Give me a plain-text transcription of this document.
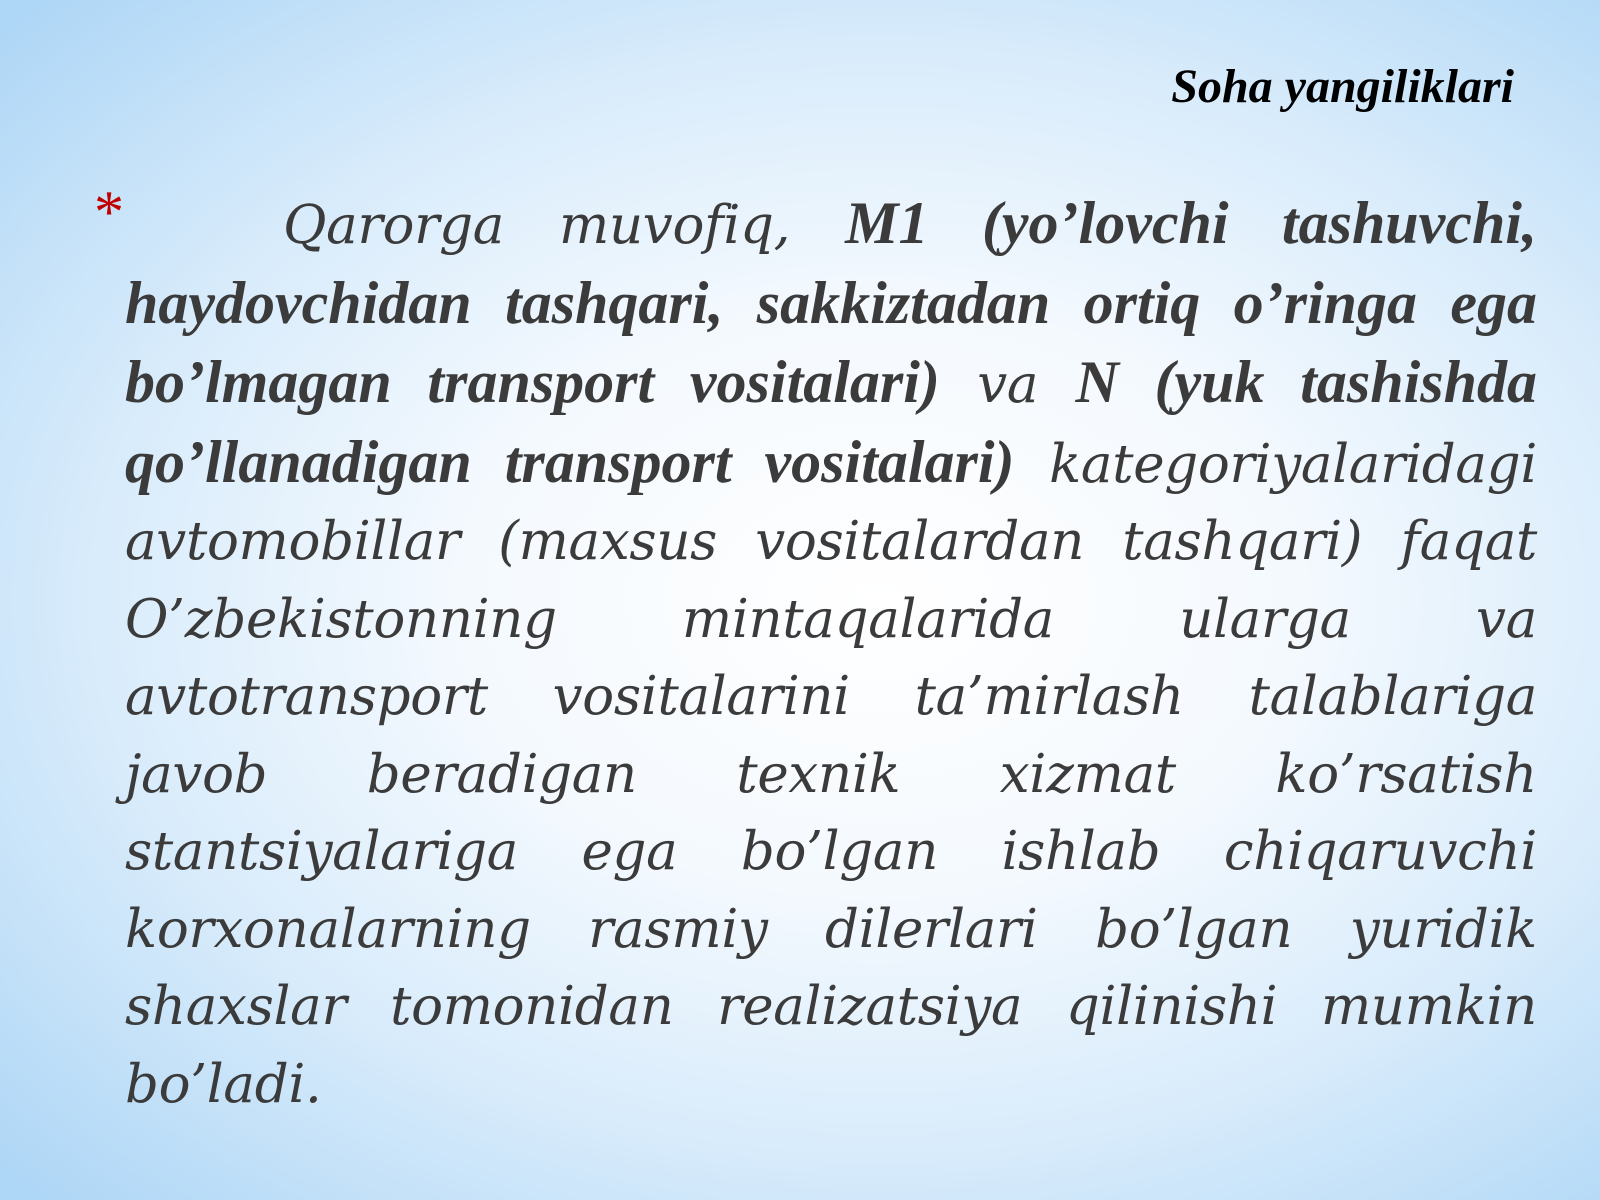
Soha yangiliklari
*	Qarorga muvofiq, M1 (yo’lovchi tashuvchi, haydovchidan tashqari, sakkiztadan ortiq o’ringa ega bo’lmagan transport vositalari) va N (yuk tashishda qo’llanadigan transport vositalari) kategoriyalaridagi avtomobillar (maxsus vositalardan tashqari) faqat O’zbekistonning mintaqalarida ularga va avtotransport vositalarini ta’mirlash talablariga javob beradigan texnik xizmat ko’rsatish stantsiyalariga ega bo’lgan ishlab chiqaruvchi korxonalarning rasmiy dilerlari bo’lgan yuridik shaxslar tomonidan realizatsiya qilinishi mumkin bo’ladi.
